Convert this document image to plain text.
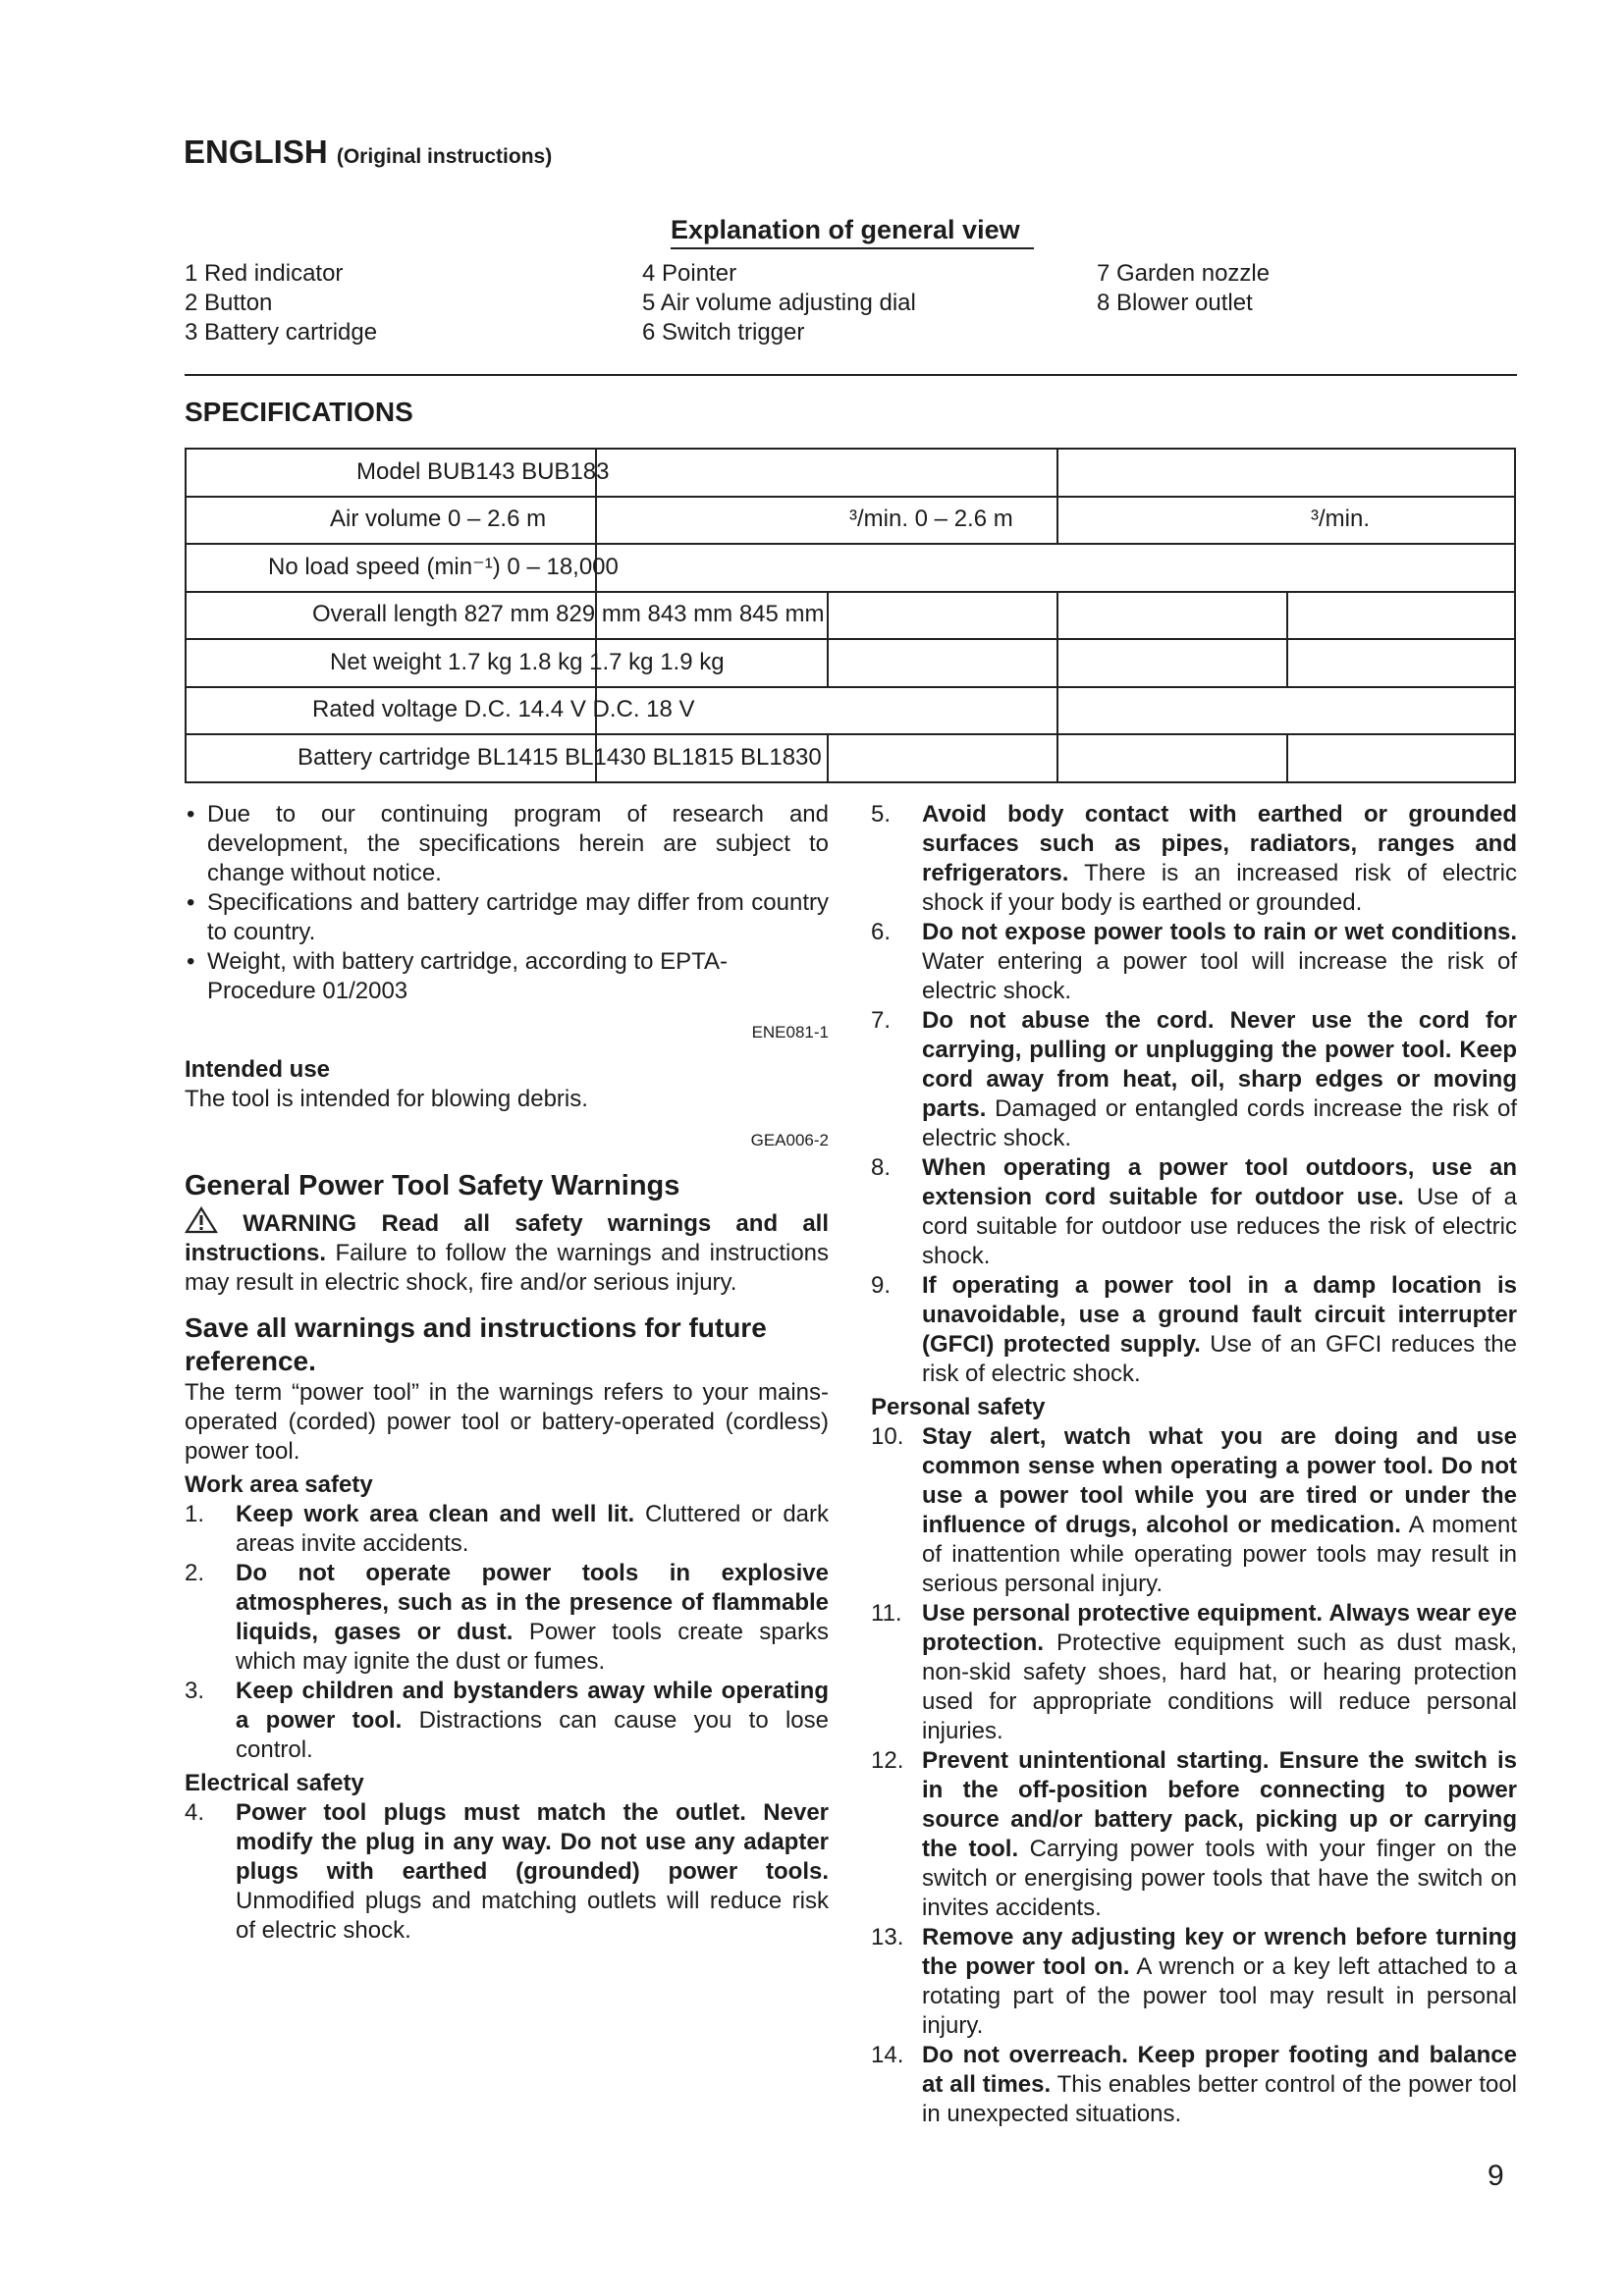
ENGLISH (Original instructions)
Explanation of general view
1 Red indicator
2 Button
3 Battery cartridge
4 Pointer
5 Air volume adjusting dial
6 Switch trigger
7 Garden nozzle
8 Blower outlet
SPECIFICATIONS
Model BUB143 BUB183
Air volume 0 – 2.6 m	³/min. 0 – 2.6 m	³/min.
No load speed (min⁻¹) 0 – 18,000
Overall length 827 mm 829 mm 843 mm 845 mm
Net weight 1.7 kg 1.8 kg 1.7 kg 1.9 kg
Rated voltage D.C. 14.4 V D.C. 18 V
Battery cartridge BL1415 BL1430 BL1815 BL1830

• Due to our continuing program of research and development, the specifications herein are subject to change without notice.

• Specifications and battery cartridge may differ from country to country.

• Weight, with battery cartridge, according to EPTA-Procedure 01/2003

ENE081-1

Intended use

The tool is intended for blowing debris.

GEA006-2

General Power Tool Safety Warnings

WARNING Read all safety warnings and all instructions. Failure to follow the warnings and instructions may result in electric shock, fire and/or serious injury.

Save all warnings and instructions for future reference.

The term “power tool” in the warnings refers to your mains-operated (corded) power tool or battery-operated (cordless) power tool.

Work area safety

1. Keep work area clean and well lit. Cluttered or dark areas invite accidents.

2. Do not operate power tools in explosive atmospheres, such as in the presence of flammable liquids, gases or dust. Power tools create sparks which may ignite the dust or fumes.

3. Keep children and bystanders away while operating a power tool. Distractions can cause you to lose control.

Electrical safety

4. Power tool plugs must match the outlet. Never modify the plug in any way. Do not use any adapter plugs with earthed (grounded) power tools. Unmodified plugs and matching outlets will reduce risk of electric shock.

5. Avoid body contact with earthed or grounded surfaces such as pipes, radiators, ranges and refrigerators. There is an increased risk of electric shock if your body is earthed or grounded.

6. Do not expose power tools to rain or wet conditions. Water entering a power tool will increase the risk of electric shock.

7. Do not abuse the cord. Never use the cord for carrying, pulling or unplugging the power tool. Keep cord away from heat, oil, sharp edges or moving parts. Damaged or entangled cords increase the risk of electric shock.

8. When operating a power tool outdoors, use an extension cord suitable for outdoor use. Use of a cord suitable for outdoor use reduces the risk of electric shock.

9. If operating a power tool in a damp location is unavoidable, use a ground fault circuit interrupter (GFCI) protected supply. Use of an GFCI reduces the risk of electric shock.

Personal safety

10. Stay alert, watch what you are doing and use common sense when operating a power tool. Do not use a power tool while you are tired or under the influence of drugs, alcohol or medication. A moment of inattention while operating power tools may result in serious personal injury.

11. Use personal protective equipment. Always wear eye protection. Protective equipment such as dust mask, non-skid safety shoes, hard hat, or hearing protection used for appropriate conditions will reduce personal injuries.

12. Prevent unintentional starting. Ensure the switch is in the off-position before connecting to power source and/or battery pack, picking up or carrying the tool. Carrying power tools with your finger on the switch or energising power tools that have the switch on invites accidents.

13. Remove any adjusting key or wrench before turning the power tool on. A wrench or a key left attached to a rotating part of the power tool may result in personal injury.

14. Do not overreach. Keep proper footing and balance at all times. This enables better control of the power tool in unexpected situations.

9
